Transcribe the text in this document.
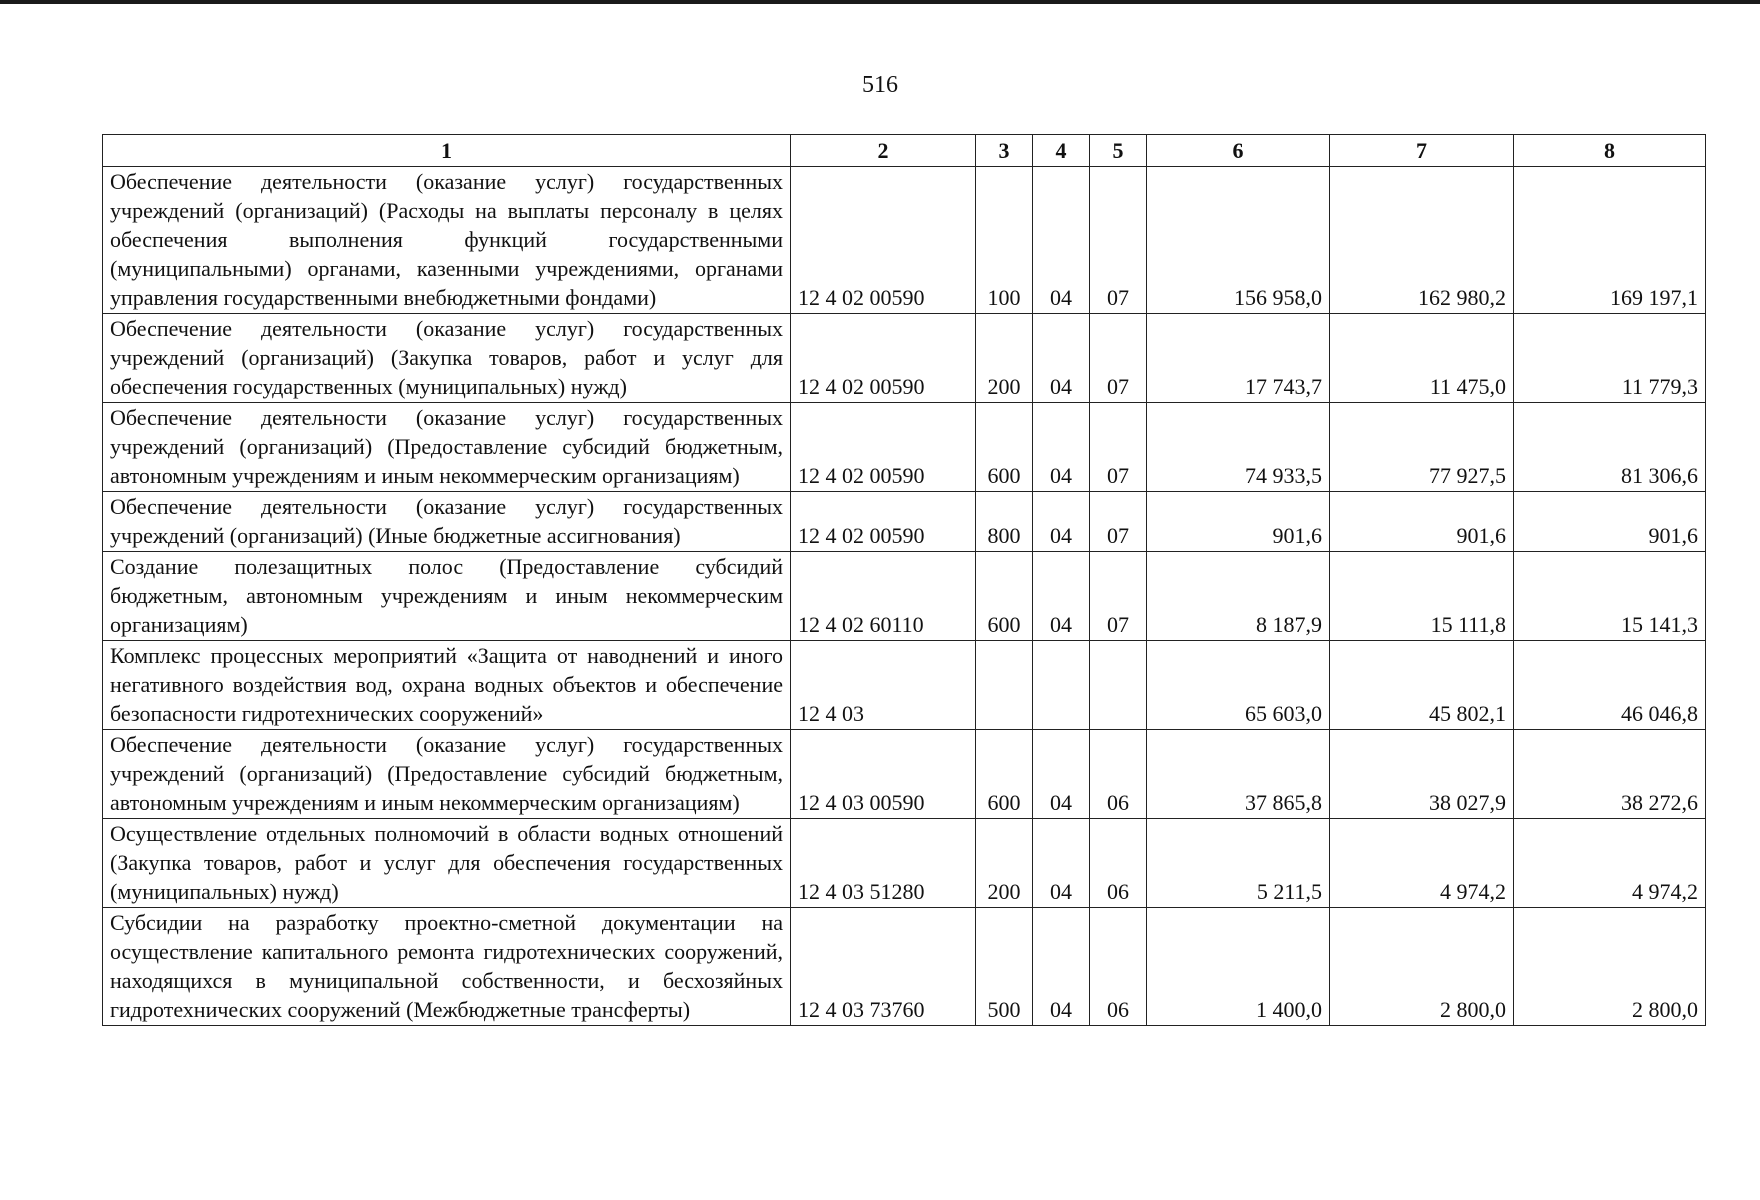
516
1	2	3	4	5	6	7	8
Обеспечение деятельности (оказание услуг) государственных учреждений (организаций) (Расходы на выплаты персоналу в целях обеспечения выполнения функций государственными (муниципальными) органами, казенными учреждениями, органами управления государственными внебюджетными фондами)	12 4 02 00590	100	04	07	156 958,0	162 980,2	169 197,1
Обеспечение деятельности (оказание услуг) государственных учреждений (организаций) (Закупка товаров, работ и услуг для обеспечения государственных (муниципальных) нужд)	12 4 02 00590	200	04	07	17 743,7	11 475,0	11 779,3
Обеспечение деятельности (оказание услуг) государственных учреждений (организаций) (Предоставление субсидий бюджетным, автономным учреждениям и иным некоммерческим организациям)	12 4 02 00590	600	04	07	74 933,5	77 927,5	81 306,6
Обеспечение деятельности (оказание услуг) государственных учреждений (организаций) (Иные бюджетные ассигнования)	12 4 02 00590	800	04	07	901,6	901,6	901,6
Создание полезащитных полос (Предоставление субсидий бюджетным, автономным учреждениям и иным некоммерческим организациям)	12 4 02 60110	600	04	07	8 187,9	15 111,8	15 141,3
Комплекс процессных мероприятий «Защита от наводнений и иного негативного воздействия вод, охрана водных объектов и обеспечение безопасности гидротехнических сооружений»	12 4 03				65 603,0	45 802,1	46 046,8
Обеспечение деятельности (оказание услуг) государственных учреждений (организаций) (Предоставление субсидий бюджетным, автономным учреждениям и иным некоммерческим организациям)	12 4 03 00590	600	04	06	37 865,8	38 027,9	38 272,6
Осуществление отдельных полномочий в области водных отношений (Закупка товаров, работ и услуг для обеспечения государственных (муниципальных) нужд)	12 4 03 51280	200	04	06	5 211,5	4 974,2	4 974,2
Субсидии на разработку проектно-сметной документации на осуществление капитального ремонта гидротехнических сооружений, находящихся в муниципальной собственности, и бесхозяйных гидротехнических сооружений (Межбюджетные трансферты)	12 4 03 73760	500	04	06	1 400,0	2 800,0	2 800,0
